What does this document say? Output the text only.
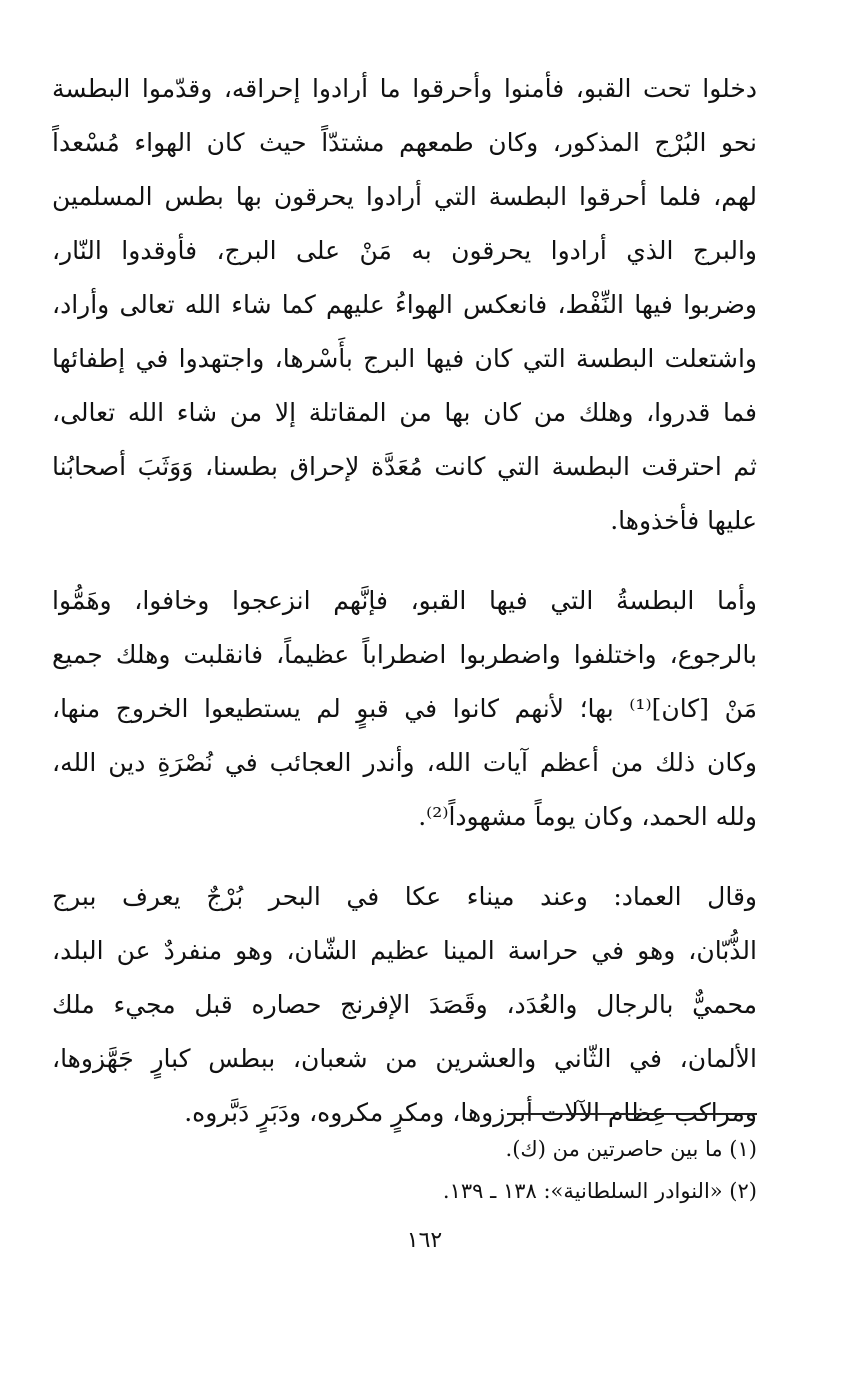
دخلوا تحت القبو، فأمنوا وأحرقوا ما أرادوا إحراقه، وقدّموا البطسة
نحو البُرْج المذكور، وكان طمعهم مشتدّاً حيث كان الهواء مُسْعداً
لهم، فلما أحرقوا البطسة التي أرادوا يحرقون بها بطس المسلمين
والبرج الذي أرادوا يحرقون به مَنْ على البرج، فأوقدوا النّار،
وضربوا فيها النِّفْط، فانعكس الهواءُ عليهم كما شاء الله تعالى وأراد،
واشتعلت البطسة التي كان فيها البرج بأَسْرها، واجتهدوا في إطفائها
فما قدروا، وهلك من كان بها من المقاتلة إلا من شاء الله تعالى،
ثم احترقت البطسة التي كانت مُعَدَّة لإحراق بطسنا، وَوَثَبَ أصحابُنا
عليها فأخذوها.
وأما البطسةُ التي فيها القبو، فإنَّهم انزعجوا وخافوا، وهَمُّوا
بالرجوع، واختلفوا واضطربوا اضطراباً عظيماً، فانقلبت وهلك جميع
مَنْ [كان]⁽¹⁾ بها؛ لأنهم كانوا في قبوٍ لم يستطيعوا الخروج منها،
وكان ذلك من أعظم آيات الله، وأندر العجائب في نُصْرَةِ دين الله،
ولله الحمد، وكان يوماً مشهوداً⁽²⁾.
وقال العماد: وعند ميناء عكا في البحر بُرْجٌ يعرف ببرج
الذُّبّان، وهو في حراسة المينا عظيم الشّان، وهو منفردٌ عن البلد،
محميٌّ بالرجال والعُدَد، وقَصَدَ الإفرنج حصاره قبل مجيء ملك
الألمان، في الثّاني والعشرين من شعبان، ببطس كبارٍ جَهَّزوها،
ومراكب عِظام الآلات أبرزوها، ومكرٍ مكروه، ودَبَرٍ دَبَّروه.
(١) ما بين حاصرتين من (ك).
(٢) «النوادر السلطانية»: ١٣٨ ـ ١٣٩.
١٦٢
